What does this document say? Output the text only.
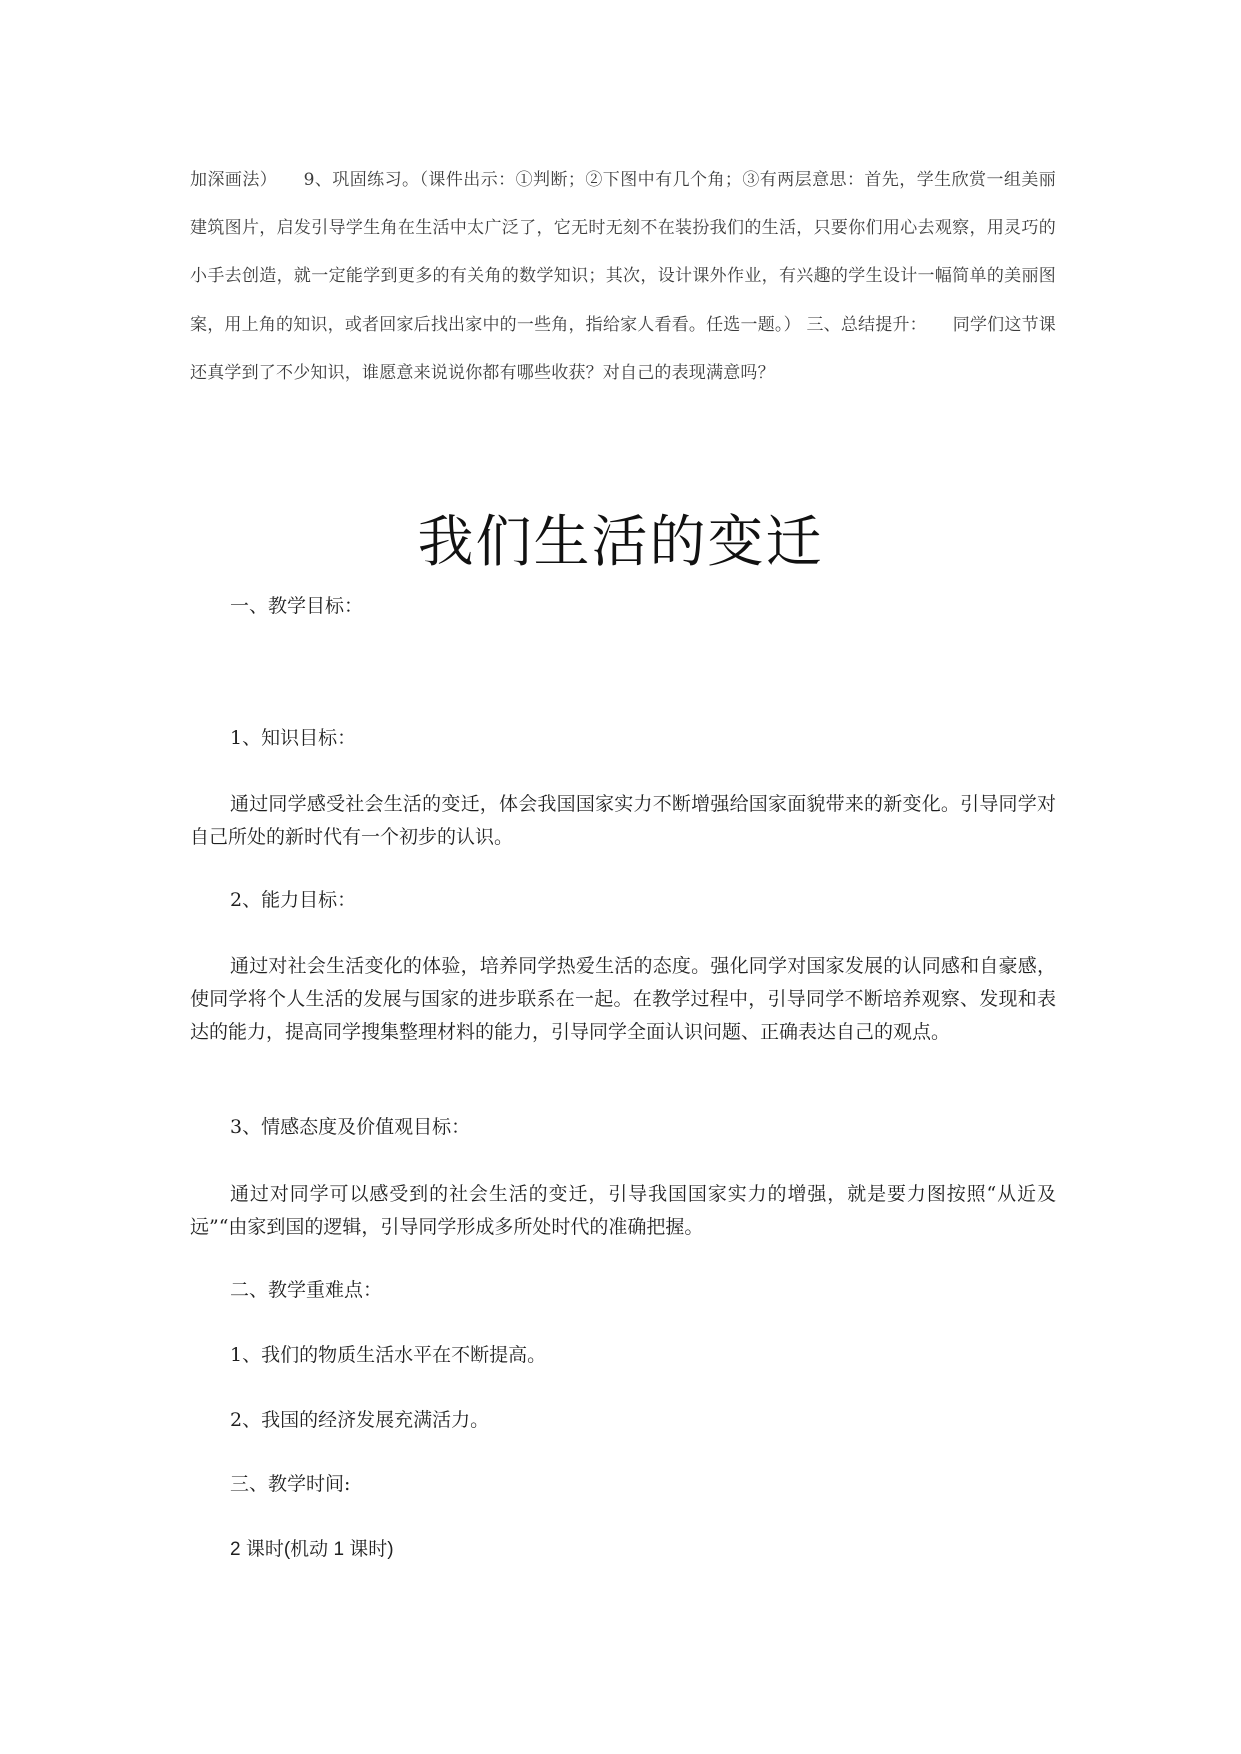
加深画法）　　9、巩固练习。（课件出示：①判断；②下图中有几个角；③有两层意思：首先，学生欣赏一组美丽建筑图片，启发引导学生角在生活中太广泛了，它无时无刻不在装扮我们的生活，只要你们用心去观察，用灵巧的小手去创造，就一定能学到更多的有关角的数学知识；其次，设计课外作业，有兴趣的学生设计一幅简单的美丽图案，用上角的知识，或者回家后找出家中的一些角，指给家人看看。任选一题。） 三、总结提升：　　同学们这节课还真学到了不少知识，谁愿意来说说你都有哪些收获？对自己的表现满意吗？

我们生活的变迁

一、教学目标：

1、知识目标：

通过同学感受社会生活的变迁，体会我国国家实力不断增强给国家面貌带来的新变化。引导同学对自己所处的新时代有一个初步的认识。

2、能力目标：

通过对社会生活变化的体验，培养同学热爱生活的态度。强化同学对国家发展的认同感和自豪感，使同学将个人生活的发展与国家的进步联系在一起。在教学过程中，引导同学不断培养观察、发现和表达的能力，提高同学搜集整理材料的能力，引导同学全面认识问题、正确表达自己的观点。

3、情感态度及价值观目标：

通过对同学可以感受到的社会生活的变迁，引导我国国家实力的增强，就是要力图按照“从近及远”“由家到国的逻辑，引导同学形成多所处时代的准确把握。

二、教学重难点：

1、我们的物质生活水平在不断提高。

2、我国的经济发展充满活力。

三、教学时间:

2 课时(机动 1 课时)
